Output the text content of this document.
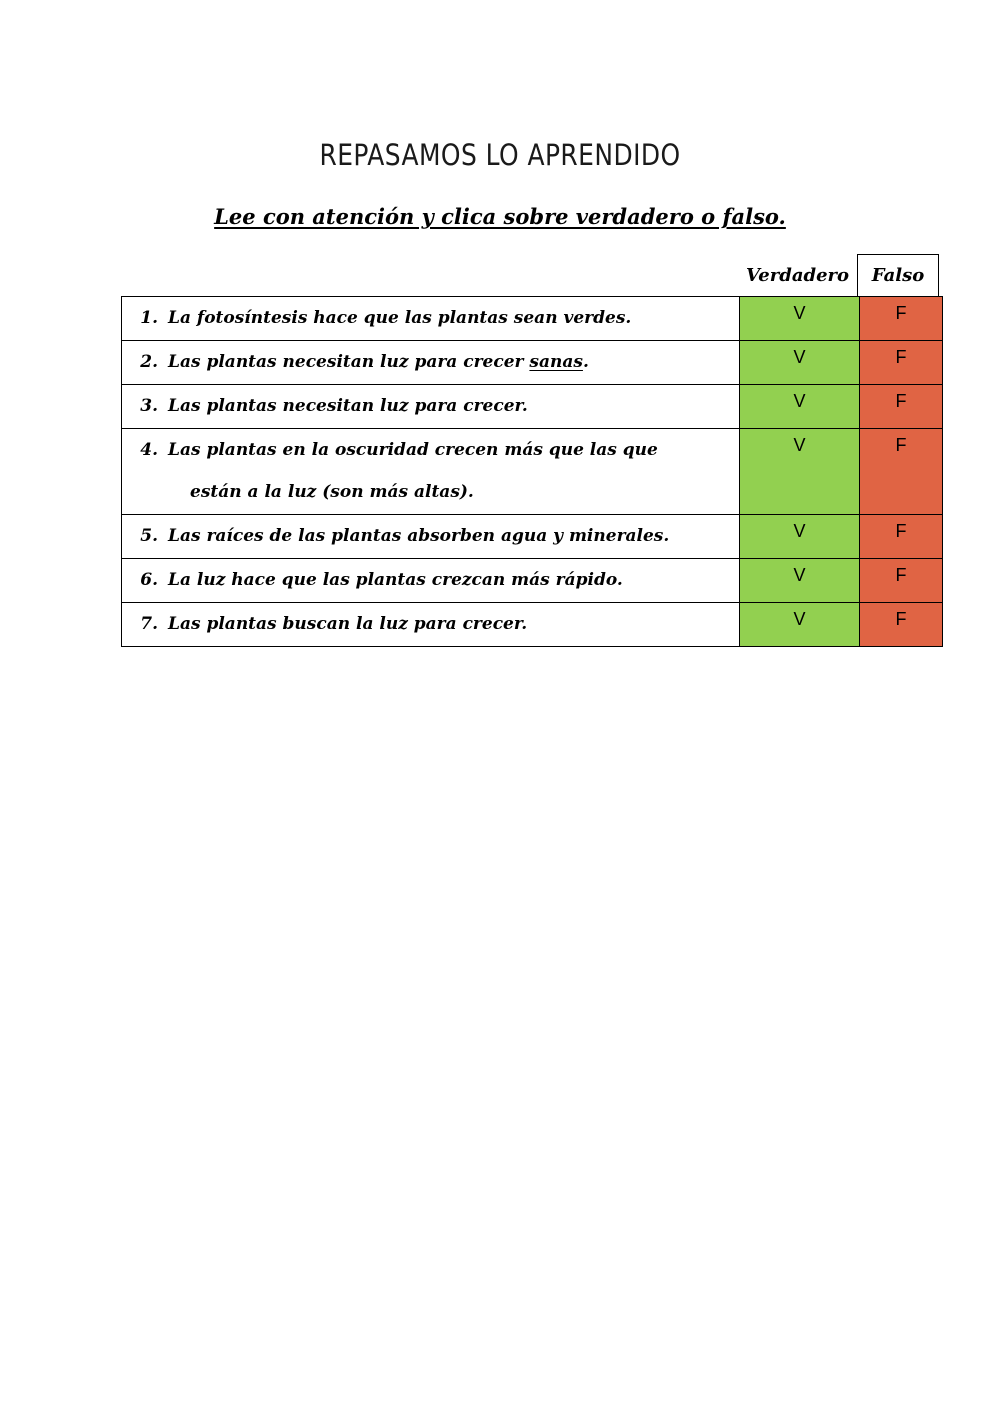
REPASAMOS LO APRENDIDO
Lee con atención y clica sobre verdadero o falso.
Verdadero	Falso
1. La fotosíntesis hace que las plantas sean verdes.	V	F
2. Las plantas necesitan luz para crecer sanas.	V	F
3. Las plantas necesitan luz para crecer.	V	F
4. Las plantas en la oscuridad crecen más que las que
están a la luz (son más altas).	V	F
5. Las raíces de las plantas absorben agua y minerales.	V	F
6. La luz hace que las plantas crezcan más rápido.	V	F
7. Las plantas buscan la luz para crecer.	V	F
